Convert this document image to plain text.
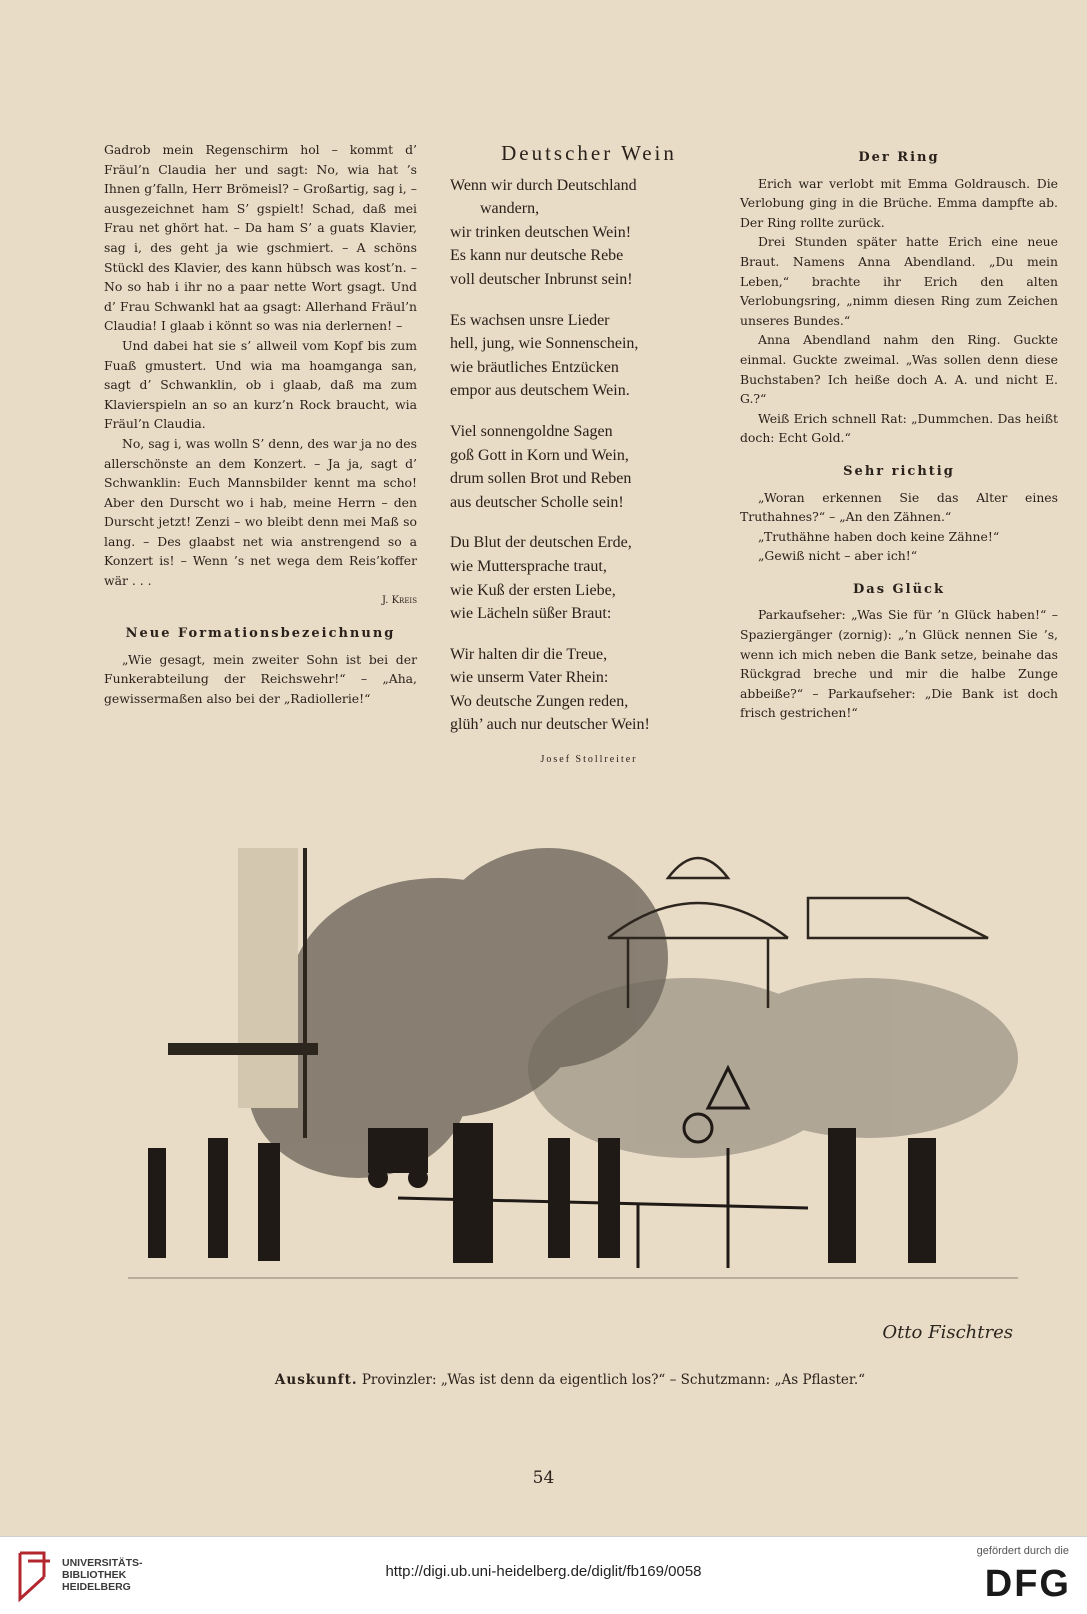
Gadrob mein Regenschirm hol – kommt d’ Fräul’n Claudia her und sagt: No, wia hat ’s Ihnen g’falln, Herr Brömeisl? – Großartig, sag i, – ausgezeichnet ham S’ gspielt! Schad, daß mei Frau net ghört hat. – Da ham S’ a guats Klavier, sag i, des geht ja wie gschmiert. – A schöns Stückl des Klavier, des kann hübsch was kost’n. – No so hab i ihr no a paar nette Wort gsagt. Und d’ Frau Schwankl hat aa gsagt: Allerhand Fräul’n Claudia! I glaab i könnt so was nia derlernen! –

Und dabei hat sie s’ allweil vom Kopf bis zum Fuaß gmustert. Und wia ma hoamganga san, sagt d’ Schwanklin, ob i glaab, daß ma zum Klavierspieln an so an kurz’n Rock braucht, wia Fräul’n Claudia.

No, sag i, was wolln S’ denn, des war ja no des allerschönste an dem Konzert. – Ja ja, sagt d’ Schwanklin: Euch Mannsbilder kennt ma scho! Aber den Durscht wo i hab, meine Herrn – den Durscht jetzt! Zenzi – wo bleibt denn mei Maß so lang. – Des glaabst net wia anstrengend so a Konzert is! – Wenn ’s net wega dem Reis’koffer wär . . .

J. Kreis
Neue Formationsbezeichnung

„Wie gesagt, mein zweiter Sohn ist bei der Funkerabteilung der Reichswehr!“ – „Aha, gewissermaßen also bei der „Radiollerie!“

Deutscher Wein
Wenn wir durch Deutschland
wandern,
wir trinken deutschen Wein!
Es kann nur deutsche Rebe
voll deutscher Inbrunst sein!
Es wachsen unsre Lieder
hell, jung, wie Sonnenschein,
wie bräutliches Entzücken
empor aus deutschem Wein.
Viel sonnengoldne Sagen
goß Gott in Korn und Wein,
drum sollen Brot und Reben
aus deutscher Scholle sein!
Du Blut der deutschen Erde,
wie Muttersprache traut,
wie Kuß der ersten Liebe,
wie Lächeln süßer Braut:
Wir halten dir die Treue,
wie unserm Vater Rhein:
Wo deutsche Zungen reden,
glüh’ auch nur deutscher Wein!
Josef Stollreiter
Der Ring

Erich war verlobt mit Emma Goldrausch. Die Verlobung ging in die Brüche. Emma dampfte ab. Der Ring rollte zurück.

Drei Stunden später hatte Erich eine neue Braut. Namens Anna Abendland. „Du mein Leben,“ brachte ihr Erich den alten Verlobungsring, „nimm diesen Ring zum Zeichen unseres Bundes.“

Anna Abendland nahm den Ring. Guckte einmal. Guckte zweimal. „Was sollen denn diese Buchstaben? Ich heiße doch A. A. und nicht E. G.?“

Weiß Erich schnell Rat: „Dummchen. Das heißt doch: Echt Gold.“

Sehr richtig

„Woran erkennen Sie das Alter eines Truthahnes?“ – „An den Zähnen.“

„Truthähne haben doch keine Zähne!“

„Gewiß nicht – aber ich!“

Das Glück

Parkaufseher: „Was Sie für ’n Glück haben!“ – Spaziergänger (zornig): „’n Glück nennen Sie ’s, wenn ich mich neben die Bank setze, beinahe das Rückgrad breche und mir die halbe Zunge abbeiße?“ – Parkaufseher: „Die Bank ist doch frisch gestrichen!“

Otto Fischtres
Auskunft. Provinzler: „Was ist denn da eigentlich los?“ – Schutzmann: „As Pflaster.“
54
UNIVERSITÄTS-
BIBLIOTHEK
HEIDELBERG
http://digi.ub.uni-heidelberg.de/diglit/fb169/0058
gefördert durch die
DFG
